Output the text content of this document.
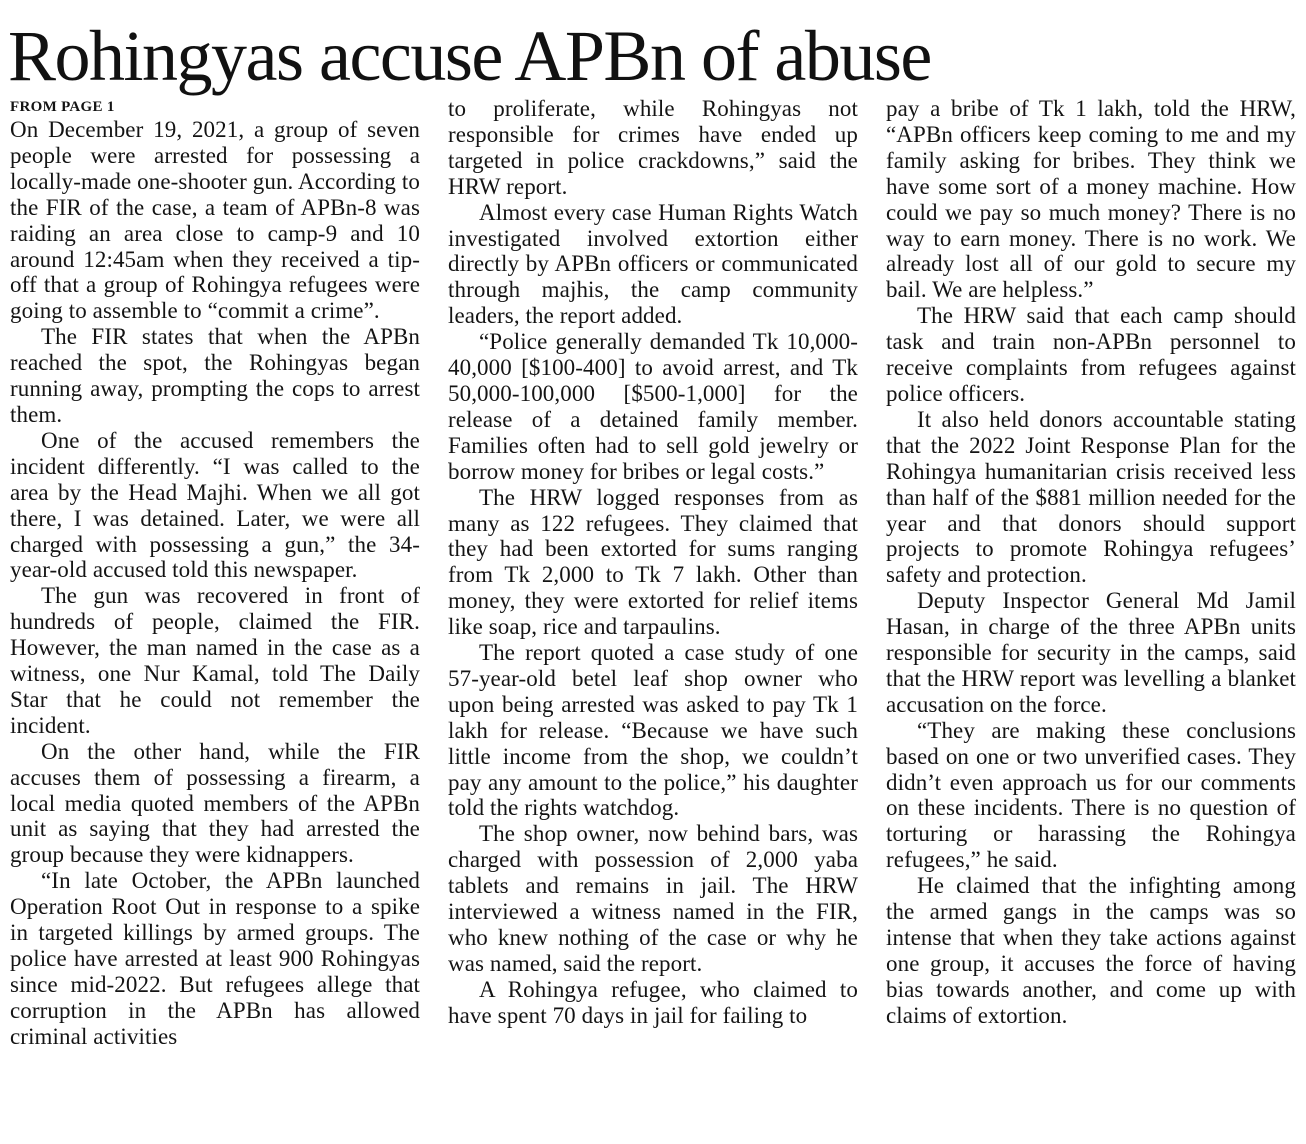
Rohingyas accuse APBn of abuse
FROM PAGE 1

On December 19, 2021, a group of seven people were arrested for possessing a locally-made one-shooter gun. According to the FIR of the case, a team of APBn-8 was raiding an area close to camp-9 and 10 around 12:45am when they received a tip-off that a group of Rohingya refugees were going to assemble to “commit a crime”.

The FIR states that when the APBn reached the spot, the Rohingyas began running away, prompting the cops to arrest them.

One of the accused remembers the incident differently. “I was called to the area by the Head Majhi. When we all got there, I was detained. Later, we were all charged with possessing a gun,” the 34-year-old accused told this newspaper.

The gun was recovered in front of hundreds of people, claimed the FIR. However, the man named in the case as a witness, one Nur Kamal, told The Daily Star that he could not remember the incident.

On the other hand, while the FIR accuses them of possessing a firearm, a local media quoted members of the APBn unit as saying that they had arrested the group because they were kidnappers.

“In late October, the APBn launched Operation Root Out in response to a spike in targeted killings by armed groups. The police have arrested at least 900 Rohingyas since mid-2022. But refugees allege that corruption in the APBn has allowed criminal activities

to proliferate, while Rohingyas not responsible for crimes have ended up targeted in police crackdowns,” said the HRW report.

Almost every case Human Rights Watch investigated involved extortion either directly by APBn officers or communicated through majhis, the camp community leaders, the report added.

“Police generally demanded Tk 10,000-40,000 [$100-400] to avoid arrest, and Tk 50,000-100,000 [$500-1,000] for the release of a detained family member. Families often had to sell gold jewelry or borrow money for bribes or legal costs.”

The HRW logged responses from as many as 122 refugees. They claimed that they had been extorted for sums ranging from Tk 2,000 to Tk 7 lakh. Other than money, they were extorted for relief items like soap, rice and tarpaulins.

The report quoted a case study of one 57-year-old betel leaf shop owner who upon being arrested was asked to pay Tk 1 lakh for release. “Because we have such little income from the shop, we couldn’t pay any amount to the police,” his daughter told the rights watchdog.

The shop owner, now behind bars, was charged with possession of 2,000 yaba tablets and remains in jail. The HRW interviewed a witness named in the FIR, who knew nothing of the case or why he was named, said the report.

A Rohingya refugee, who claimed to have spent 70 days in jail for failing to

pay a bribe of Tk 1 lakh, told the HRW, “APBn officers keep coming to me and my family asking for bribes. They think we have some sort of a money machine. How could we pay so much money? There is no way to earn money. There is no work. We already lost all of our gold to secure my bail. We are helpless.”

The HRW said that each camp should task and train non-APBn personnel to receive complaints from refugees against police officers.

It also held donors accountable stating that the 2022 Joint Response Plan for the Rohingya humanitarian crisis received less than half of the $881 million needed for the year and that donors should support projects to promote Rohingya refugees’ safety and protection.

Deputy Inspector General Md Jamil Hasan, in charge of the three APBn units responsible for security in the camps, said that the HRW report was levelling a blanket accusation on the force.

“They are making these conclusions based on one or two unverified cases. They didn’t even approach us for our comments on these incidents. There is no question of torturing or harassing the Rohingya refugees,” he said.

He claimed that the infighting among the armed gangs in the camps was so intense that when they take actions against one group, it accuses the force of having bias towards another, and come up with claims of extortion.
